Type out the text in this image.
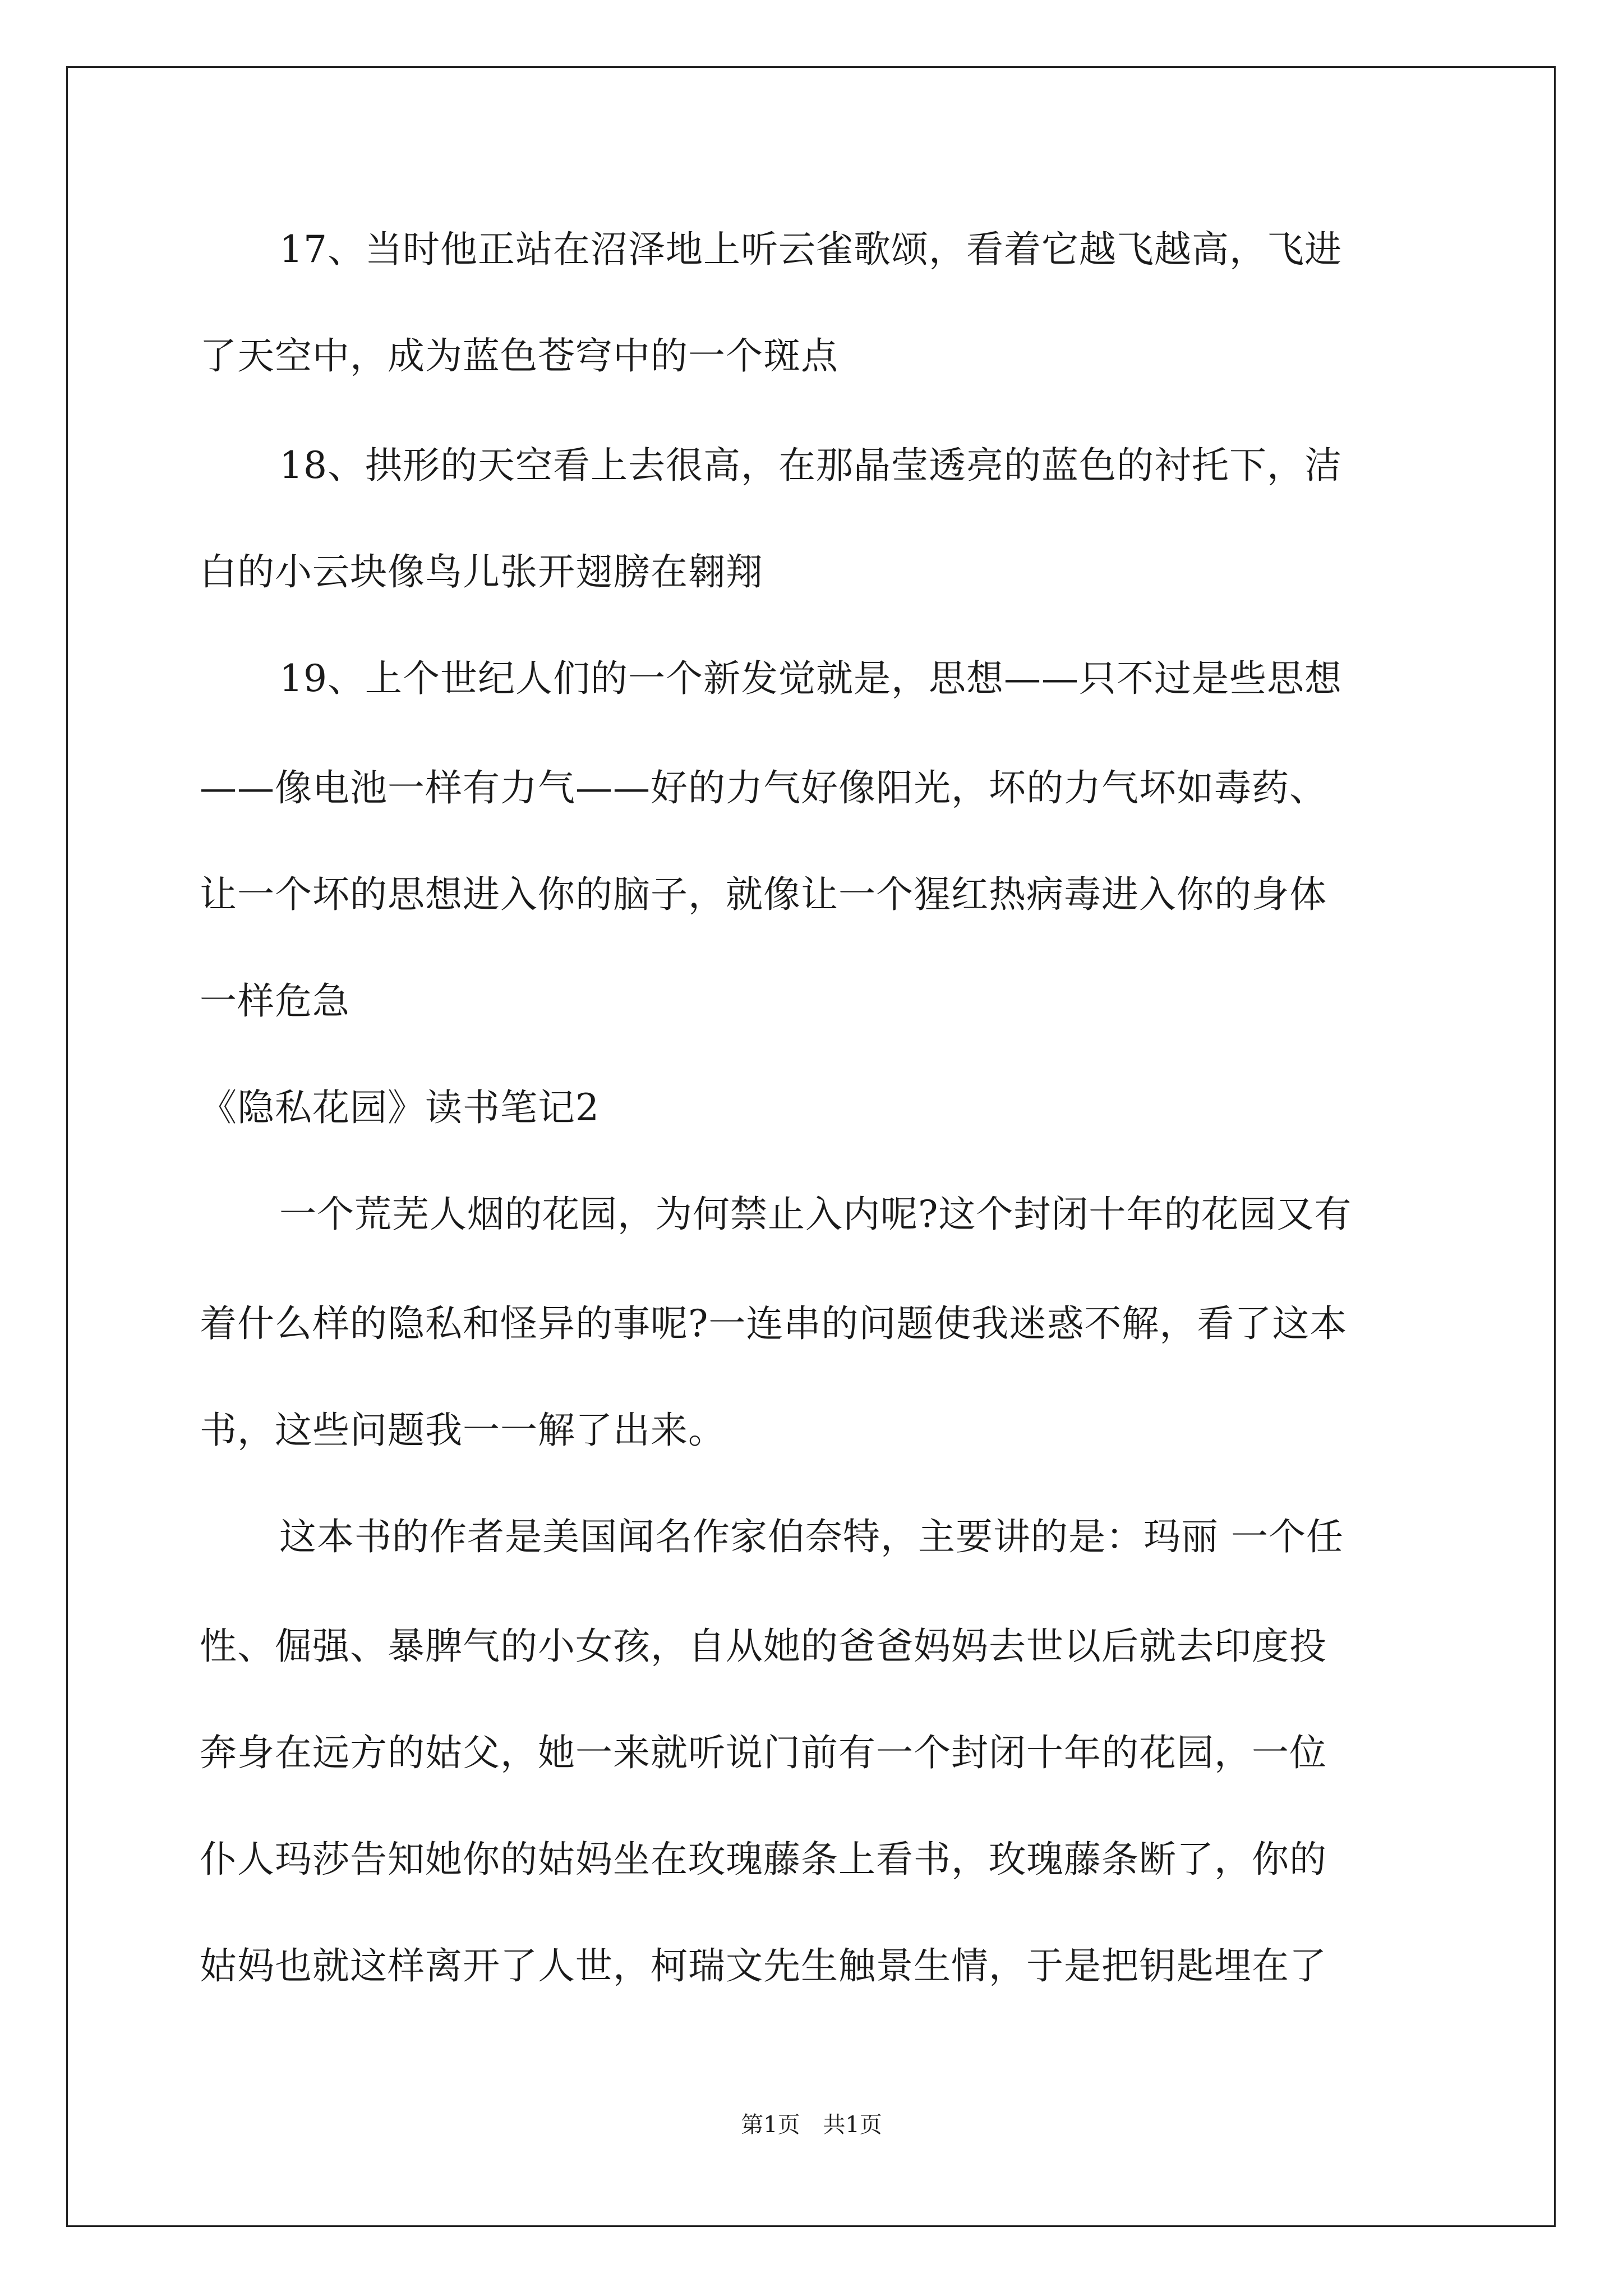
17、当时他正站在沼泽地上听云雀歌颂，看着它越飞越高，飞进
了天空中，成为蓝色苍穹中的一个斑点
18、拱形的天空看上去很高，在那晶莹透亮的蓝色的衬托下，洁
白的小云块像鸟儿张开翅膀在翱翔
19、上个世纪人们的一个新发觉就是，思想——只不过是些思想
——像电池一样有力气——好的力气好像阳光，坏的力气坏如毒药、
让一个坏的思想进入你的脑子，就像让一个猩红热病毒进入你的身体
一样危急
《隐私花园》读书笔记2
一个荒芜人烟的花园，为何禁止入内呢?这个封闭十年的花园又有
着什么样的隐私和怪异的事呢?一连串的问题使我迷惑不解，看了这本
书，这些问题我一一解了出来。
这本书的作者是美国闻名作家伯奈特，主要讲的是：玛丽 一个任
性、倔强、暴脾气的小女孩，自从她的爸爸妈妈去世以后就去印度投
奔身在远方的姑父，她一来就听说门前有一个封闭十年的花园，一位
仆人玛莎告知她你的姑妈坐在玫瑰藤条上看书，玫瑰藤条断了，你的
姑妈也就这样离开了人世，柯瑞文先生触景生情，于是把钥匙埋在了
第1页 共1页
